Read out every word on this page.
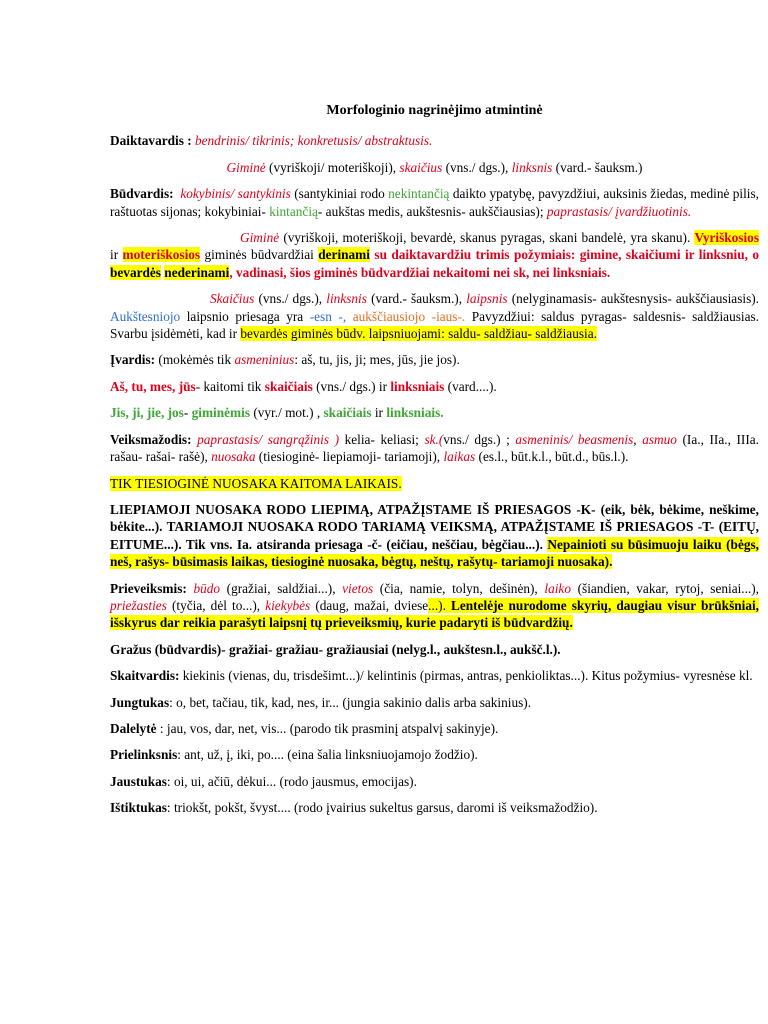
Morfologinio nagrinėjimo atmintinė

Daiktavardis : bendrinis/ tikrinis; konkretusis/ abstraktusis.

Giminė (vyriškoji/ moteriškoji), skaičius (vns./ dgs.), linksnis (vard.- šauksm.)

Būdvardis: kokybinis/ santykinis (santykiniai rodo nekintančią daikto ypatybę, pavyzdžiui, auksinis žiedas, medinė pilis, raštuotas sijonas; kokybiniai- kintančią- aukštas medis, aukštesnis- aukščiausias); paprastasis/ įvardžiuotinis.

Giminė (vyriškoji, moteriškoji, bevardė, skanus pyragas, skani bandelė, yra skanu). Vyriškosios ir moteriškosios giminės būdvardžiai derinami su daiktavardžiu trimis požymiais: gimine, skaičiumi ir linksniu, o bevardės nederinami, vadinasi, šios giminės būdvardžiai nekaitomi nei sk, nei linksniais.

Skaičius (vns./ dgs.), linksnis (vard.- šauksm.), laipsnis (nelyginamasis- aukštesnysis- aukščiausiasis). Aukštesniojo laipsnio priesaga yra -esn -, aukščiausiojo -iaus-. Pavyzdžiui: saldus pyragas- saldesnis- saldžiausias. Svarbu įsidėmėti, kad ir bevardės giminės būdv. laipsniuojami: saldu- saldžiau- saldžiausia.

Įvardis: (mokėmės tik asmeninius: aš, tu, jis, ji; mes, jūs, jie jos).

Aš, tu, mes, jūs- kaitomi tik skaičiais (vns./ dgs.) ir linksniais (vard....).

Jis, ji, jie, jos- giminėmis (vyr./ mot.) , skaičiais ir linksniais.

Veiksmažodis: paprastasis/ sangrąžinis ) kelia- keliasi; sk.(vns./ dgs.) ; asmeninis/ beasmenis, asmuo (Ia., IIa., IIIa. rašau- rašai- rašė), nuosaka (tiesioginė- liepiamoji- tariamoji), laikas (es.l., būt.k.l., būt.d., būs.l.).

TIK TIESIOGINĖ NUOSAKA KAITOMA LAIKAIS.

LIEPIAMOJI NUOSAKA RODO LIEPIMĄ, ATPAŽĮSTAME IŠ PRIESAGOS -K- (eik, bėk, bėkime, neškime, bėkite...). TARIAMOJI NUOSAKA RODO TARIAMĄ VEIKSMĄ, ATPAŽĮSTAME IŠ PRIESAGOS -T- (EITŲ, EITUME...). Tik vns. Ia. atsiranda priesaga -č- (eičiau, neščiau, bėgčiau...). Nepainioti su būsimuoju laiku (bėgs, neš, rašys- būsimasis laikas, tiesioginė nuosaka, bėgtų, neštų, rašytų- tariamoji nuosaka).

Prieveiksmis: būdo (gražiai, saldžiai...), vietos (čia, namie, tolyn, dešinėn), laiko (šiandien, vakar, rytoj, seniai...), priežasties (tyčia, dėl to...), kiekybės (daug, mažai, dviese...). Lentelėje nurodome skyrių, daugiau visur brūkšniai, išskyrus dar reikia parašyti laipsnį tų prieveiksmių, kurie padaryti iš būdvardžių.

Gražus (būdvardis)- gražiai- gražiau- gražiausiai (nelyg.l., aukštesn.l., aukšč.l.).

Skaitvardis: kiekinis (vienas, du, trisdešimt...)/ kelintinis (pirmas, antras, penkioliktas...). Kitus požymius- vyresnėse kl.

Jungtukas: o, bet, tačiau, tik, kad, nes, ir... (jungia sakinio dalis arba sakinius).

Dalelytė : jau, vos, dar, net, vis... (parodo tik prasminį atspalvį sakinyje).

Prielinksnis: ant, už, į, iki, po.... (eina šalia linksniuojamojo žodžio).

Jaustukas: oi, ui, ačiū, dėkui... (rodo jausmus, emocijas).

Ištiktukas: triokšt, pokšt, švyst.... (rodo įvairius sukeltus garsus, daromi iš veiksmažodžio).
